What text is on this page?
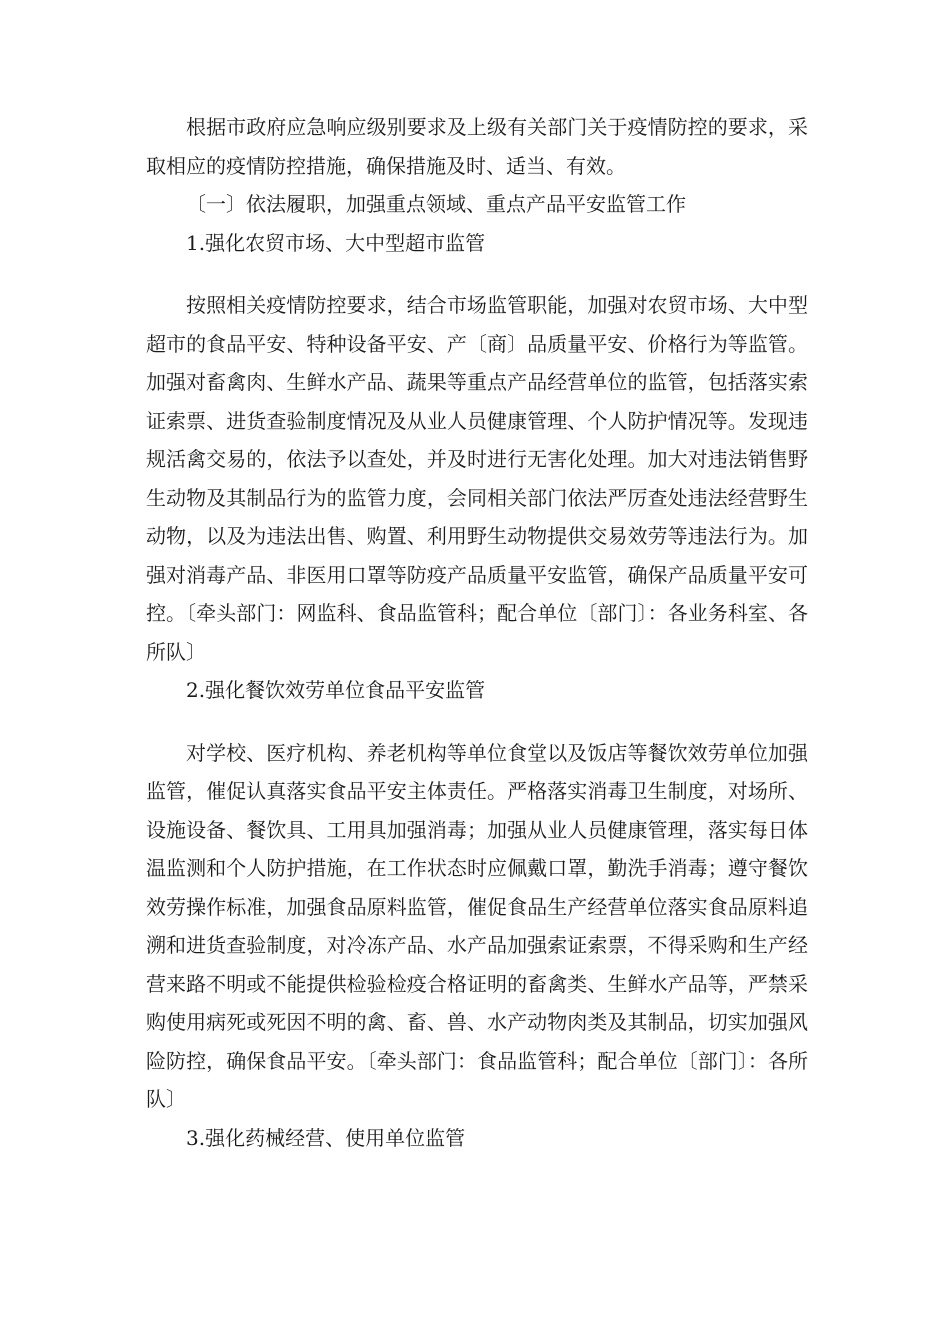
根据市政府应急响应级别要求及上级有关部门关于疫情防控的要求，采取相应的疫情防控措施，确保措施及时、适当、有效。

〔一〕依法履职，加强重点领域、重点产品平安监管工作

1.强化农贸市场、大中型超市监管

按照相关疫情防控要求，结合市场监管职能，加强对农贸市场、大中型超市的食品平安、特种设备平安、产〔商〕品质量平安、价格行为等监管。加强对畜禽肉、生鲜水产品、蔬果等重点产品经营单位的监管，包括落实索证索票、进货查验制度情况及从业人员健康管理、个人防护情况等。发现违规活禽交易的，依法予以查处，并及时进行无害化处理。加大对违法销售野生动物及其制品行为的监管力度，会同相关部门依法严厉查处违法经营野生动物，以及为违法出售、购置、利用野生动物提供交易效劳等违法行为。加强对消毒产品、非医用口罩等防疫产品质量平安监管，确保产品质量平安可控。〔牵头部门：网监科、食品监管科；配合单位〔部门〕：各业务科室、各所队〕

2.强化餐饮效劳单位食品平安监管

对学校、医疗机构、养老机构等单位食堂以及饭店等餐饮效劳单位加强监管，催促认真落实食品平安主体责任。严格落实消毒卫生制度，对场所、设施设备、餐饮具、工用具加强消毒；加强从业人员健康管理，落实每日体温监测和个人防护措施，在工作状态时应佩戴口罩，勤洗手消毒；遵守餐饮效劳操作标准，加强食品原料监管，催促食品生产经营单位落实食品原料追溯和进货查验制度，对冷冻产品、水产品加强索证索票，不得采购和生产经营来路不明或不能提供检验检疫合格证明的畜禽类、生鲜水产品等，严禁采购使用病死或死因不明的禽、畜、兽、水产动物肉类及其制品，切实加强风险防控，确保食品平安。〔牵头部门：食品监管科；配合单位〔部门〕：各所队〕

3.强化药械经营、使用单位监管
